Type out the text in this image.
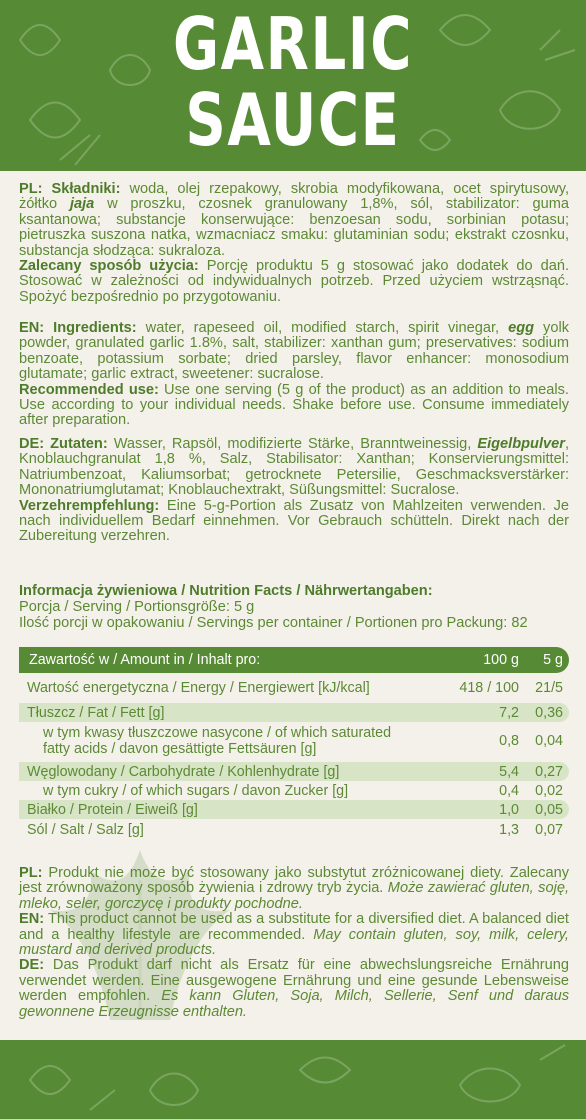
GARLIC
SAUCE
PL: Składniki: woda, olej rzepakowy, skrobia modyfikowana, ocet spirytusowy, żółtko jaja w proszku, czosnek granulowany 1,8%, sól, stabilizator: guma ksantanowa; substancje konserwujące: benzoesan sodu, sorbinian potasu; pietruszka suszona natka, wzmacniacz smaku: glutaminian sodu; ekstrakt czosnku, substancja słodząca: sukraloza.
Zalecany sposób użycia: Porcję produktu 5 g stosować jako dodatek do dań. Stosować w zależności od indywidualnych potrzeb. Przed użyciem wstrząsnąć. Spożyć bezpośrednio po przygotowaniu.
EN: Ingredients: water, rapeseed oil, modified starch, spirit vinegar, egg yolk powder, granulated garlic 1.8%, salt, stabilizer: xanthan gum; preservatives: sodium benzoate, potassium sorbate; dried parsley, flavor enhancer: monosodium glutamate; garlic extract, sweetener: sucralose.
Recommended use: Use one serving (5 g of the product) as an addition to meals. Use according to your individual needs. Shake before use. Consume immediately after preparation.
DE: Zutaten: Wasser, Rapsöl, modifizierte Stärke, Branntweinessig, Eigelbpulver, Knoblauchgranulat 1,8 %, Salz, Stabilisator: Xanthan; Konservierungsmittel: Natriumbenzoat, Kaliumsorbat; getrocknete Petersilie, Geschmacksverstärker: Mononatriumglutamat; Knoblauchextrakt, Süßungsmittel: Sucralose.
Verzehrempfehlung: Eine 5-g-Portion als Zusatz von Mahlzeiten verwenden. Je nach individuellem Bedarf einnehmen. Vor Gebrauch schütteln. Direkt nach der Zubereitung verzehren.
Informacja żywieniowa / Nutrition Facts / Nährwertangaben:
Porcja / Serving / Portionsgröße: 5 g
Ilość porcji w opakowaniu / Servings per container / Portionen pro Packung: 82
Zawartość w / Amount in / Inhalt pro:	100 g	5 g
Wartość energetyczna / Energy / Energiewert [kJ/kcal]	418 / 100	21/5
Tłuszcz / Fat / Fett [g]	7,2	0,36
w tym kwasy tłuszczowe nasycone / of which saturated fatty acids / davon gesättigte Fettsäuren [g]	0,8	0,04
Węglowodany / Carbohydrate / Kohlenhydrate [g]	5,4	0,27
w tym cukry / of which sugars / davon Zucker [g]	0,4	0,02
Białko / Protein / Eiweiß [g]	1,0	0,05
Sól / Salt / Salz [g]	1,3	0,07
PL: Produkt nie może być stosowany jako substytut zróżnicowanej diety. Zalecany jest zrównoważony sposób żywienia i zdrowy tryb życia. Może zawierać gluten, soję, mleko, seler, gorczycę i produkty pochodne.
EN: This product cannot be used as a substitute for a diversified diet. A balanced diet and a healthy lifestyle are recommended. May contain gluten, soy, milk, celery, mustard and derived products.
DE: Das Produkt darf nicht als Ersatz für eine abwechslungsreiche Ernährung verwendet werden. Eine ausgewogene Ernährung und eine gesunde Lebensweise werden empfohlen. Es kann Gluten, Soja, Milch, Sellerie, Senf und daraus gewonnene Erzeugnisse enthalten.
